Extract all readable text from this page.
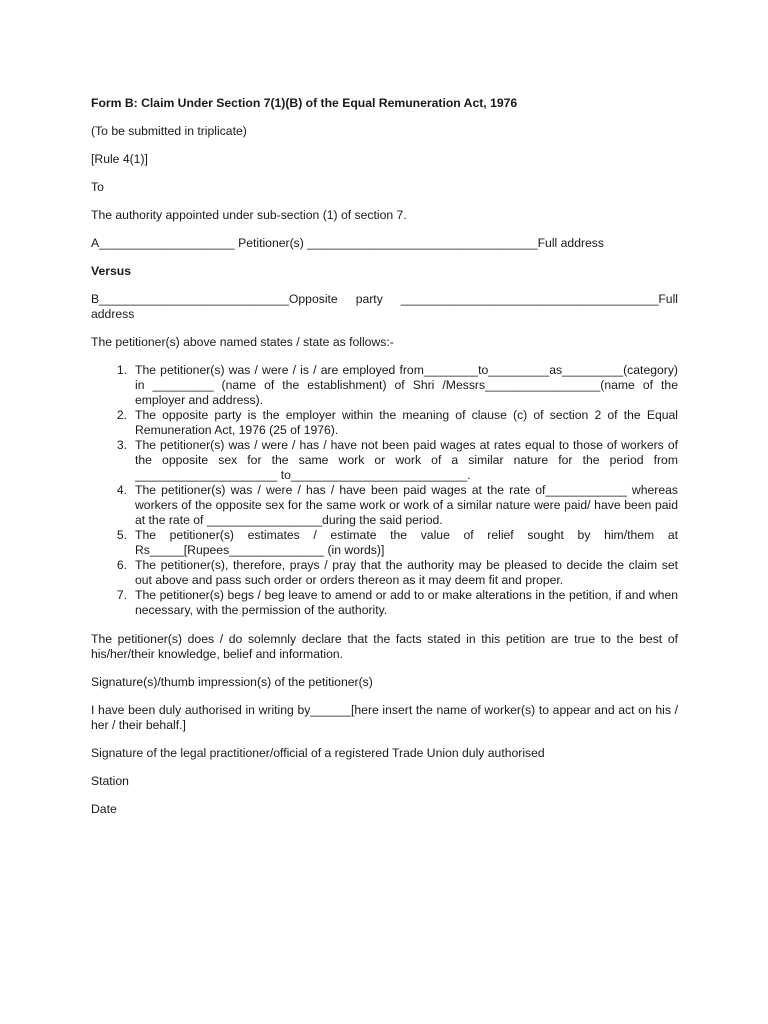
Form B: Claim Under Section 7(1)(B) of the Equal Remuneration Act, 1976

(To be submitted in triplicate)

[Rule 4(1)]

To

The authority appointed under sub-section (1) of section 7.

A____________________ Petitioner(s) __________________________________Full address

Versus

B____________________________Opposite party ______________________________________Full address

The petitioner(s) above named states / state as follows:-

1. The petitioner(s) was / were / is / are employed from________to_________as_________(category) in _________ (name of the establishment) of Shri /Messrs_________________(name of the employer and address).
2. The opposite party is the employer within the meaning of clause (c) of section 2 of the Equal Remuneration Act, 1976 (25 of 1976).
3. The petitioner(s) was / were / has / have not been paid wages at rates equal to those of workers of the opposite sex for the same work or work of a similar nature for the period from _____________________ to__________________________.
4. The petitioner(s) was / were / has / have been paid wages at the rate of____________ whereas workers of the opposite sex for the same work or work of a similar nature were paid/ have been paid at the rate of _________________during the said period.
5. The petitioner(s) estimates / estimate the value of relief sought by him/them at Rs_____[Rupees______________ (in words)]
6. The petitioner(s), therefore, prays / pray that the authority may be pleased to decide the claim set out above and pass such order or orders thereon as it may deem fit and proper.
7. The petitioner(s) begs / beg leave to amend or add to or make alterations in the petition, if and when necessary, with the permission of the authority.

The petitioner(s) does / do solemnly declare that the facts stated in this petition are true to the best of his/her/their knowledge, belief and information.

Signature(s)/thumb impression(s) of the petitioner(s)

I have been duly authorised in writing by______[here insert the name of worker(s) to appear and act on his / her / their behalf.]

Signature of the legal practitioner/official of a registered Trade Union duly authorised

Station

Date
